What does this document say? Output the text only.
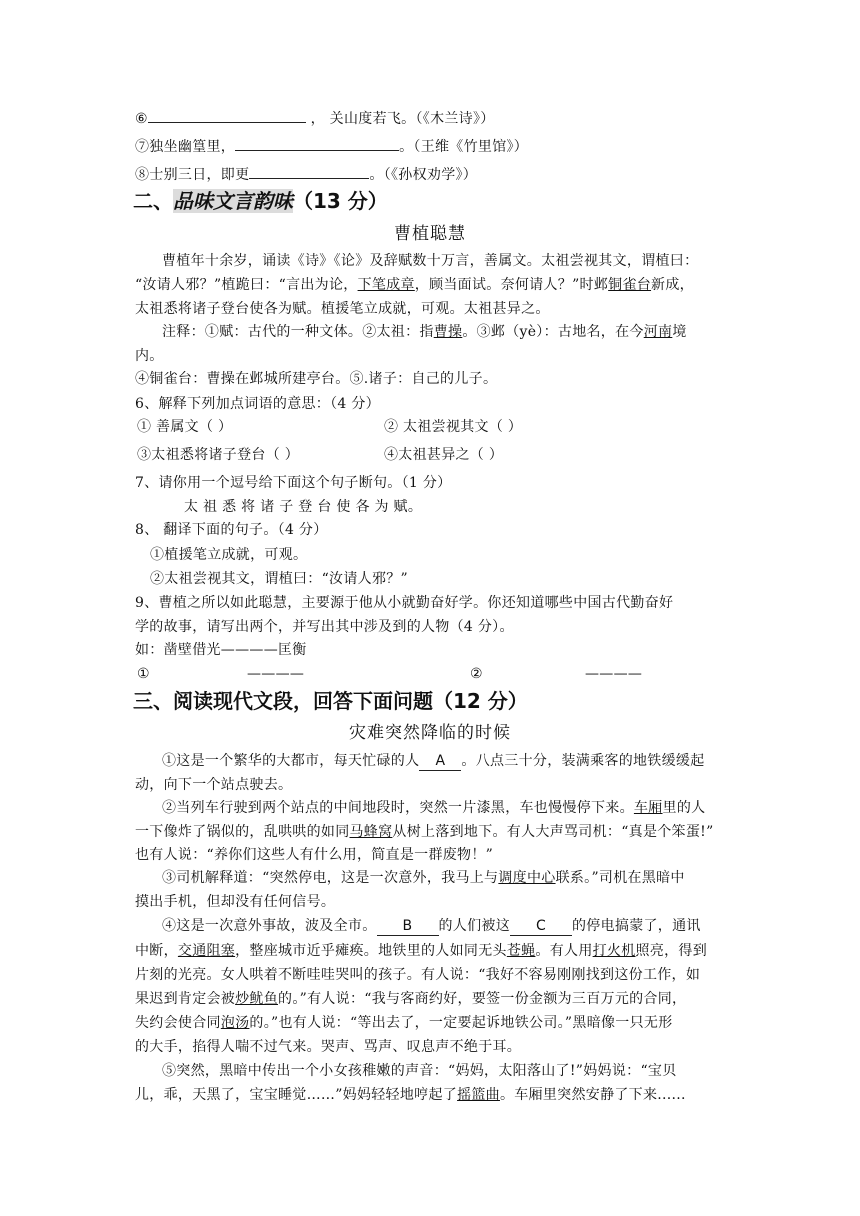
⑥	， 关山度若飞。（《木兰诗》）
⑦独坐幽篁里，	。（王维《竹里馆》）
⑧士别三日，即更	。（《孙权劝学》）
二、品味文言韵味（13 分）
曹植聪慧
曹植年十余岁，诵读《诗》《论》及辞赋数十万言，善属文。太祖尝视其文，谓植曰：
“汝请人邪？”植跪曰：“言出为论，下笔成章，顾当面试。奈何请人？”时邺铜雀台新成，
太祖悉将诸子登台使各为赋。植援笔立成就，可观。太祖甚异之。
注释：①赋：古代的一种文体。②太祖：指曹操。③邺（yè）：古地名，在今河南境
内。
④铜雀台：曹操在邺城所建亭台。⑤.诸子：自己的儿子。
6、解释下列加点词语的意思：（4 分）
① 善属文（ ）	② 太祖尝视其文（ ）
③太祖悉将诸子登台（ ）	④太祖甚异之（ ）
7、请你用一个逗号给下面这个句子断句。（1 分）
太 祖 悉 将 诸 子 登 台 使 各 为 赋。
8、 翻译下面的句子。（4 分）
①植援笔立成就，可观。
②太祖尝视其文，谓植曰：“汝请人邪？”
9、曹植之所以如此聪慧，主要源于他从小就勤奋好学。你还知道哪些中国古代勤奋好
学的故事，请写出两个，并写出其中涉及到的人物（4 分）。
如：凿壁借光————匡衡
①	————	②	————
三、阅读现代文段，回答下面问题（12 分）
灾难突然降临的时候
①这是一个繁华的大都市，每天忙碌的人 A 。八点三十分，装满乘客的地铁缓缓起
动，向下一个站点驶去。
②当列车行驶到两个站点的中间地段时，突然一片漆黑，车也慢慢停下来。车厢里的人
一下像炸了锅似的，乱哄哄的如同马蜂窝从树上落到地下。有人大声骂司机：“真是个笨蛋!”
也有人说：“养你们这些人有什么用，简直是一群废物！”
③司机解释道：“突然停电，这是一次意外，我马上与调度中心联系。”司机在黑暗中
摸出手机，但却没有任何信号。
④这是一次意外事故，波及全市。 B 的人们被这 C 的停电搞蒙了，通讯
中断，交通阻塞，整座城市近乎瘫痪。地铁里的人如同无头苍蝇。有人用打火机照亮，得到
片刻的光亮。女人哄着不断哇哇哭叫的孩子。有人说：“我好不容易刚刚找到这份工作，如
果迟到肯定会被炒鱿鱼的。”有人说：“我与客商约好，要签一份金额为三百万元的合同，
失约会使合同泡汤的。”也有人说：“等出去了，一定要起诉地铁公司。”黑暗像一只无形
的大手，掐得人喘不过气来。哭声、骂声、叹息声不绝于耳。
⑤突然，黑暗中传出一个小女孩稚嫩的声音：“妈妈，太阳落山了!”妈妈说：“宝贝
儿，乖，天黑了，宝宝睡觉……”妈妈轻轻地哼起了摇篮曲。车厢里突然安静了下来......
